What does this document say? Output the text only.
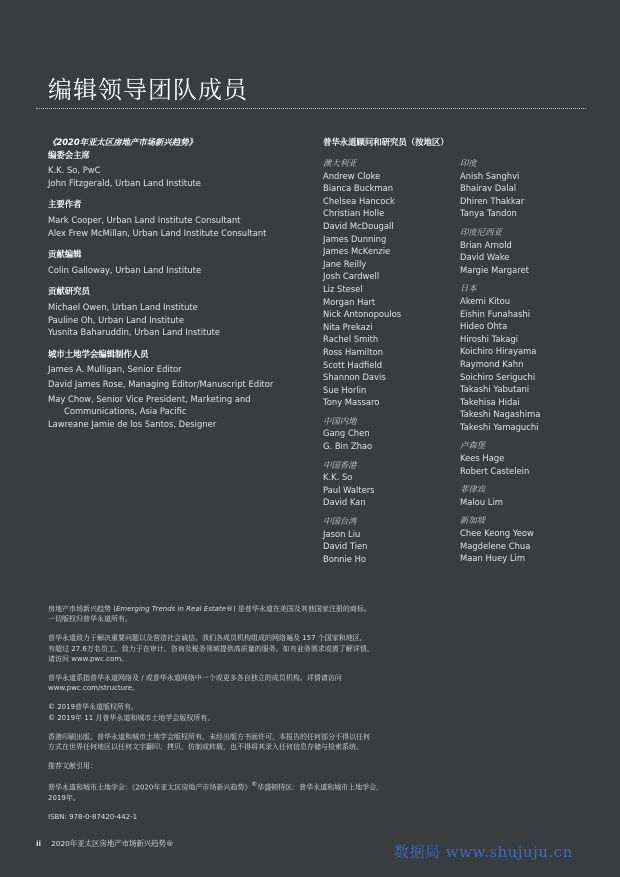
编辑领导团队成员
《2020年亚太区房地产市场新兴趋势》
编委会主席
K.K. So, PwC
John Fitzgerald, Urban Land Institute
主要作者
Mark Cooper, Urban Land Institute Consultant
Alex Frew McMillan, Urban Land Institute Consultant
贡献编辑
Colin Galloway, Urban Land Institute
贡献研究员
Michael Owen, Urban Land Institute
Pauline Oh, Urban Land Institute
Yusnita Baharuddin, Urban Land Institute
城市土地学会编辑制作人员
James A. Mulligan, Senior Editor
David James Rose, Managing Editor/Manuscript Editor
May Chow, Senior Vice President, Marketing and
Communications, Asia Pacific
Lawreane Jamie de los Santos, Designer
普华永道顾问和研究员（按地区）
澳大利亚
Andrew Cloke
Bianca Buckman
Chelsea Hancock
Christian Holle
David McDougall
James Dunning
James McKenzie
Jane Reilly
Josh Cardwell
Liz Stesel
Morgan Hart
Nick Antonopoulos
Nita Prekazi
Rachel Smith
Ross Hamilton
Scott Hadfield
Shannon Davis
Sue Horlin
Tony Massaro
中国内地
Gang Chen
G. Bin Zhao
中国香港
K.K. So
Paul Walters
David Kan
中国台湾
Jason Liu
David Tien
Bonnie Ho
印度
Anish Sanghvi
Bhairav Dalal
Dhiren Thakkar
Tanya Tandon
印度尼西亚
Brian Arnold
David Wake
Margie Margaret
日本
Akemi Kitou
Eishin Funahashi
Hideo Ohta
Hiroshi Takagi
Koichiro Hirayama
Raymond Kahn
Soichiro Seriguchi
Takashi Yabutani
Takehisa Hidai
Takeshi Nagashima
Takeshi Yamaguchi
卢森堡
Kees Hage
Robert Castelein
菲律宾
Malou Lim
新加坡
Chee Keong Yeow
Magdelene Chua
Maan Huey Lim

房地产市场新兴趋势 (Emerging Trends in Real Estate®) 是普华永道在美国及其他国家注册的商标。
一切版权归普华永道所有。

普华永道致力于解决重要问题以及营造社会诚信。我们各成员机构组成的网络遍及 157 个国家和地区，
有超过 27.6万名员工，致力于在审计、咨询及税务领域提供高质量的服务。如有业务需求或需了解详情，
请访问 www.pwc.com。

普华永道系指普华永道网络及 / 或普华永道网络中一个或更多各自独立的成员机构。详情请访问
www.pwc.com/structure。

© 2019普华永道版权所有。
© 2019年 11 月普华永道和城市土地学会版权所有。

香港印刷出版。普华永道和城市土地学会版权所有。未经出版方书面许可，本报告的任何部分不得以任何
方式在世界任何地区以任何文字翻印、拷贝、仿制或转载，也不得将其录入任何信息存储与检索系统。

推荐文献引用：

普华永道和城市土地学会：《2020年亚太区房地产市场新兴趋势》®华盛顿特区：普华永道和城市土地学会，
2019年。

ISBN: 978-0-87420-442-1

ii 2020年亚太区房地产市场新兴趋势®	数据局 www.shujuju.cn
